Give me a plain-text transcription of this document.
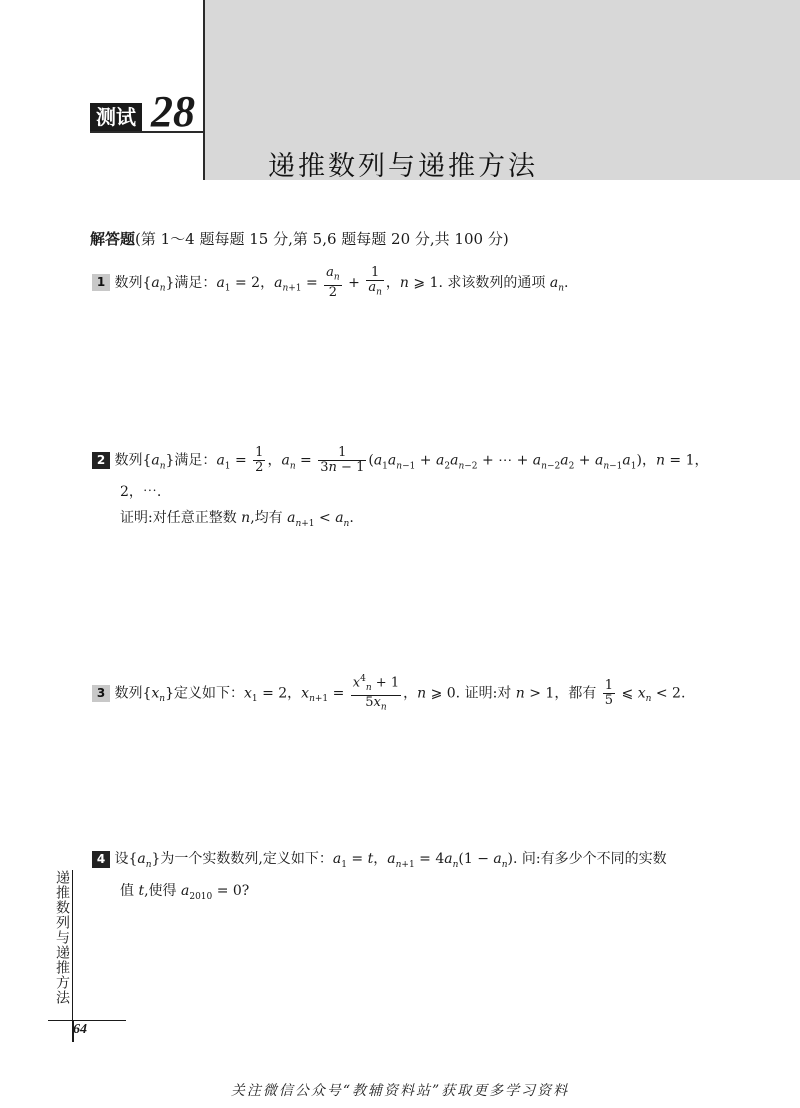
测试 28
递推数列与递推方法
解答题(第 1～4 题每题 15 分,第 5,6 题每题 20 分,共 100 分)
1 数列$\{a_n\}$满足：$a_1 = 2$，$a_{n+1} = \frac{a_n}{2} + \frac{1}{a_n}$ ，n ⩾ 1. 求该数列的通项 $a_n$.
2 数列$\{a_n\}$满足：$a_1 = \frac{1}{2}$ ，$a_n = \frac{1}{3n - 1} (a_1a_{n-1} + a_2a_{n-2}$ + ⋯ + $a_{n-2}a_2 + a_{n-1}a_1$)，n = 1，
2，⋯.
证明:对任意正整数 n,均有 $a_{n+1} < a_n$.
3 数列$\{x_n\}$定义如下：$x_1 = 2$，$x_{n+1} = \frac{x^4_n + 1}{5x_n}$ ，n ⩾ 0. 证明:对 n > 1，都有 $\frac{1}{5}$ ⩽ $x_n < 2$.
4 设$\{a_n\}$为一个实数数列,定义如下：$a_1 = t$，$a_{n+1} = 4a_n(1 - a_n)$. 问:有多少个不同的实数
值 t,使得 $a_{2010} = 0$?
递推数列与递推方法
64
关注微信公众号“教辅资料站”获取更多学习资料
